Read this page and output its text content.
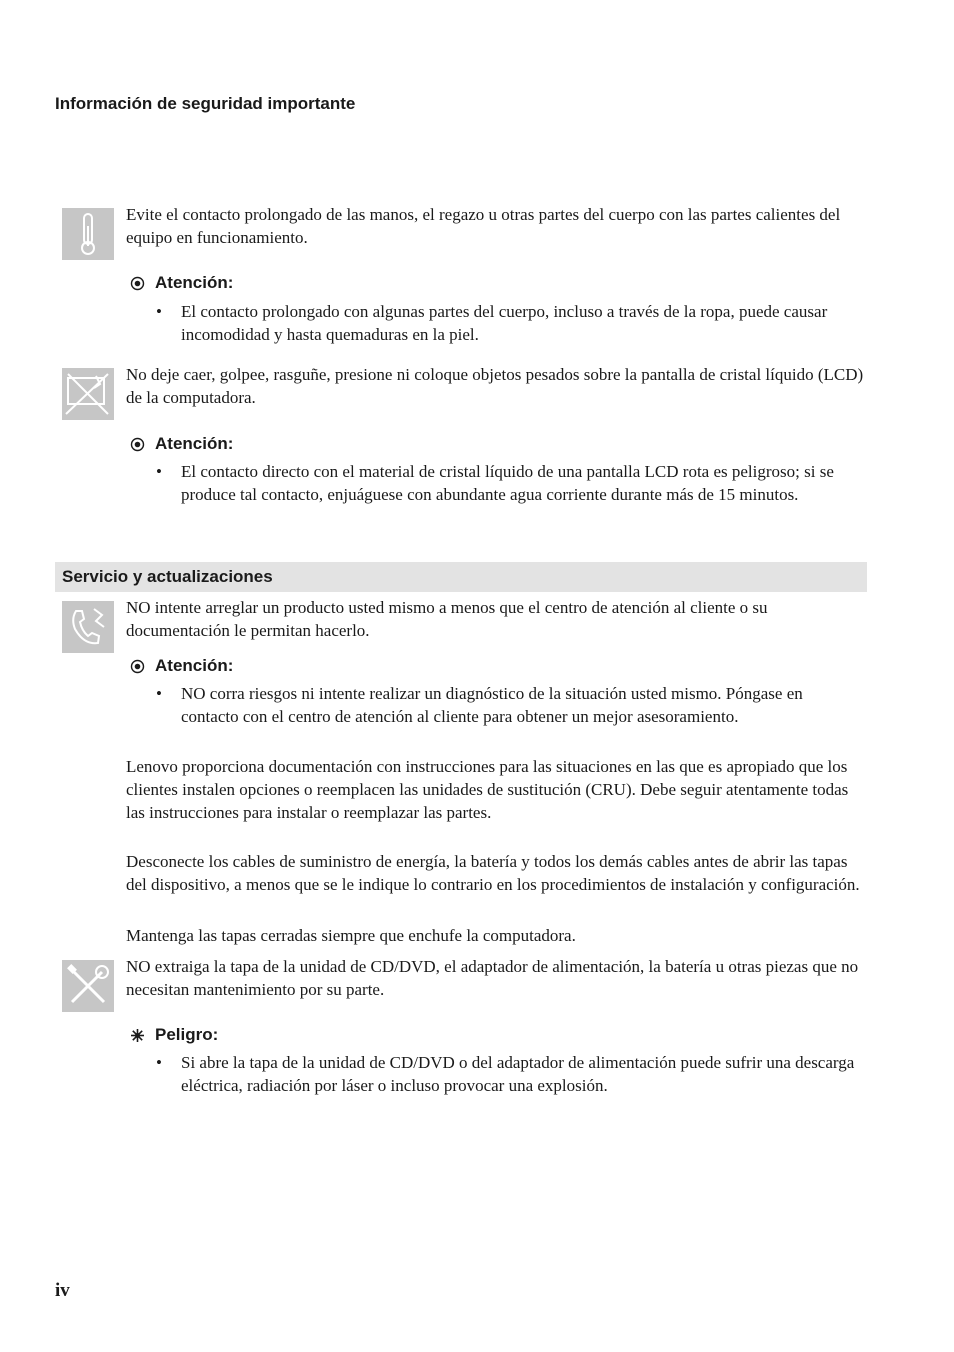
Información de seguridad importante
Evite el contacto prolongado de las manos, el regazo u otras partes del cuerpo con las partes calientes del equipo en funcionamiento.
Atención:
• El contacto prolongado con algunas partes del cuerpo, incluso a través de la ropa, puede causar incomodidad y hasta quemaduras en la piel.
No deje caer, golpee, rasguñe, presione ni coloque objetos pesados sobre la pantalla de cristal líquido (LCD) de la computadora.
Atención:
• El contacto directo con el material de cristal líquido de una pantalla LCD rota es peligroso; si se produce tal contacto, enjuáguese con abundante agua corriente durante más de 15 minutos.
Servicio y actualizaciones
NO intente arreglar un producto usted mismo a menos que el centro de atención al cliente o su documentación le permitan hacerlo.
Atención:
• NO corra riesgos ni intente realizar un diagnóstico de la situación usted mismo. Póngase en contacto con el centro de atención al cliente para obtener un mejor asesoramiento.
Lenovo proporciona documentación con instrucciones para las situaciones en las que es apropiado que los clientes instalen opciones o reemplacen las unidades de sustitución (CRU). Debe seguir atentamente todas las instrucciones para instalar o reemplazar las partes.
Desconecte los cables de suministro de energía, la batería y todos los demás cables antes de abrir las tapas del dispositivo, a menos que se le indique lo contrario en los procedimientos de instalación y configuración.
Mantenga las tapas cerradas siempre que enchufe la computadora.
NO extraiga la tapa de la unidad de CD/DVD, el adaptador de alimentación, la batería u otras piezas que no necesitan mantenimiento por su parte.
Peligro:
• Si abre la tapa de la unidad de CD/DVD o del adaptador de alimentación puede sufrir una descarga eléctrica, radiación por láser o incluso provocar una explosión.
iv
